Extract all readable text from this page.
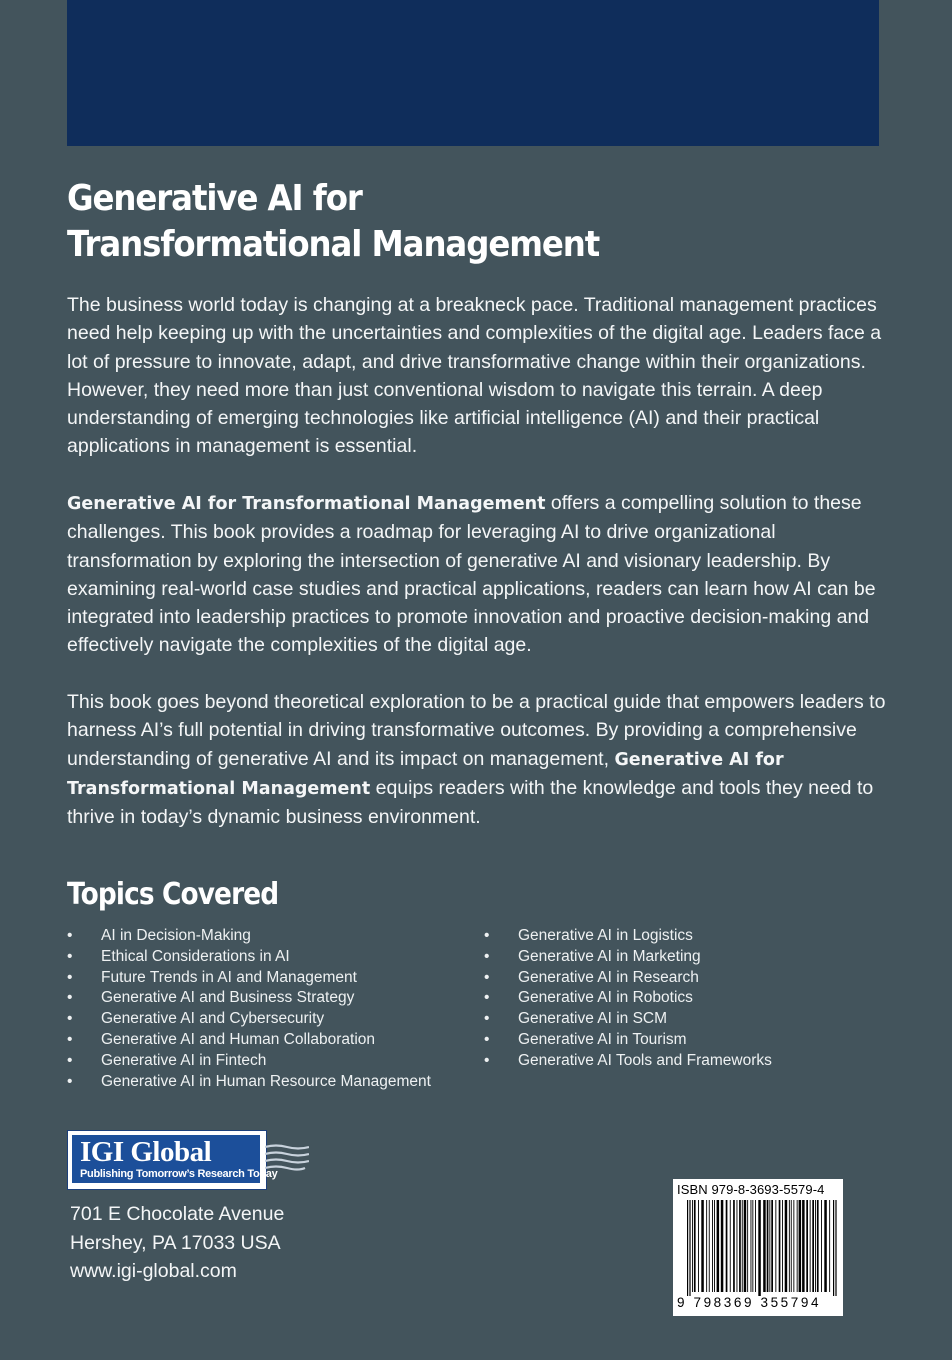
Generative AI for
Transformational Management

The business world today is changing at a breakneck pace. Traditional management practices need help keeping up with the uncertainties and complexities of the digital age. Leaders face a lot of pressure to innovate, adapt, and drive transformative change within their organizations. However, they need more than just conventional wisdom to navigate this terrain. A deep understanding of emerging technologies like artificial intelligence (AI) and their practical applications in management is essential.

Generative AI for Transformational Management offers a compelling solution to these challenges. This book provides a roadmap for leveraging AI to drive organizational transformation by exploring the intersection of generative AI and visionary leadership. By examining real-world case studies and practical applications, readers can learn how AI can be integrated into leadership practices to promote innovation and proactive decision-making and effectively navigate the complexities of the digital age.

This book goes beyond theoretical exploration to be a practical guide that empowers leaders to harness AI’s full potential in driving transformative outcomes. By providing a comprehensive understanding of generative AI and its impact on management, Generative AI for Transformational Management equips readers with the knowledge and tools they need to thrive in today’s dynamic business environment.

Topics Covered
• AI in Decision-Making
• Ethical Considerations in AI
• Future Trends in AI and Management
• Generative AI and Business Strategy
• Generative AI and Cybersecurity
• Generative AI and Human Collaboration
• Generative AI in Fintech
• Generative AI in Human Resource Management
• Generative AI in Logistics
• Generative AI in Marketing
• Generative AI in Research
• Generative AI in Robotics
• Generative AI in SCM
• Generative AI in Tourism
• Generative AI Tools and Frameworks
IGI Global
Publishing Tomorrow’s Research Today

701 E Chocolate Avenue
Hershey, PA 17033 USA
www.igi-global.com

ISBN 979-8-3693-5579-4
9 798369 355794
